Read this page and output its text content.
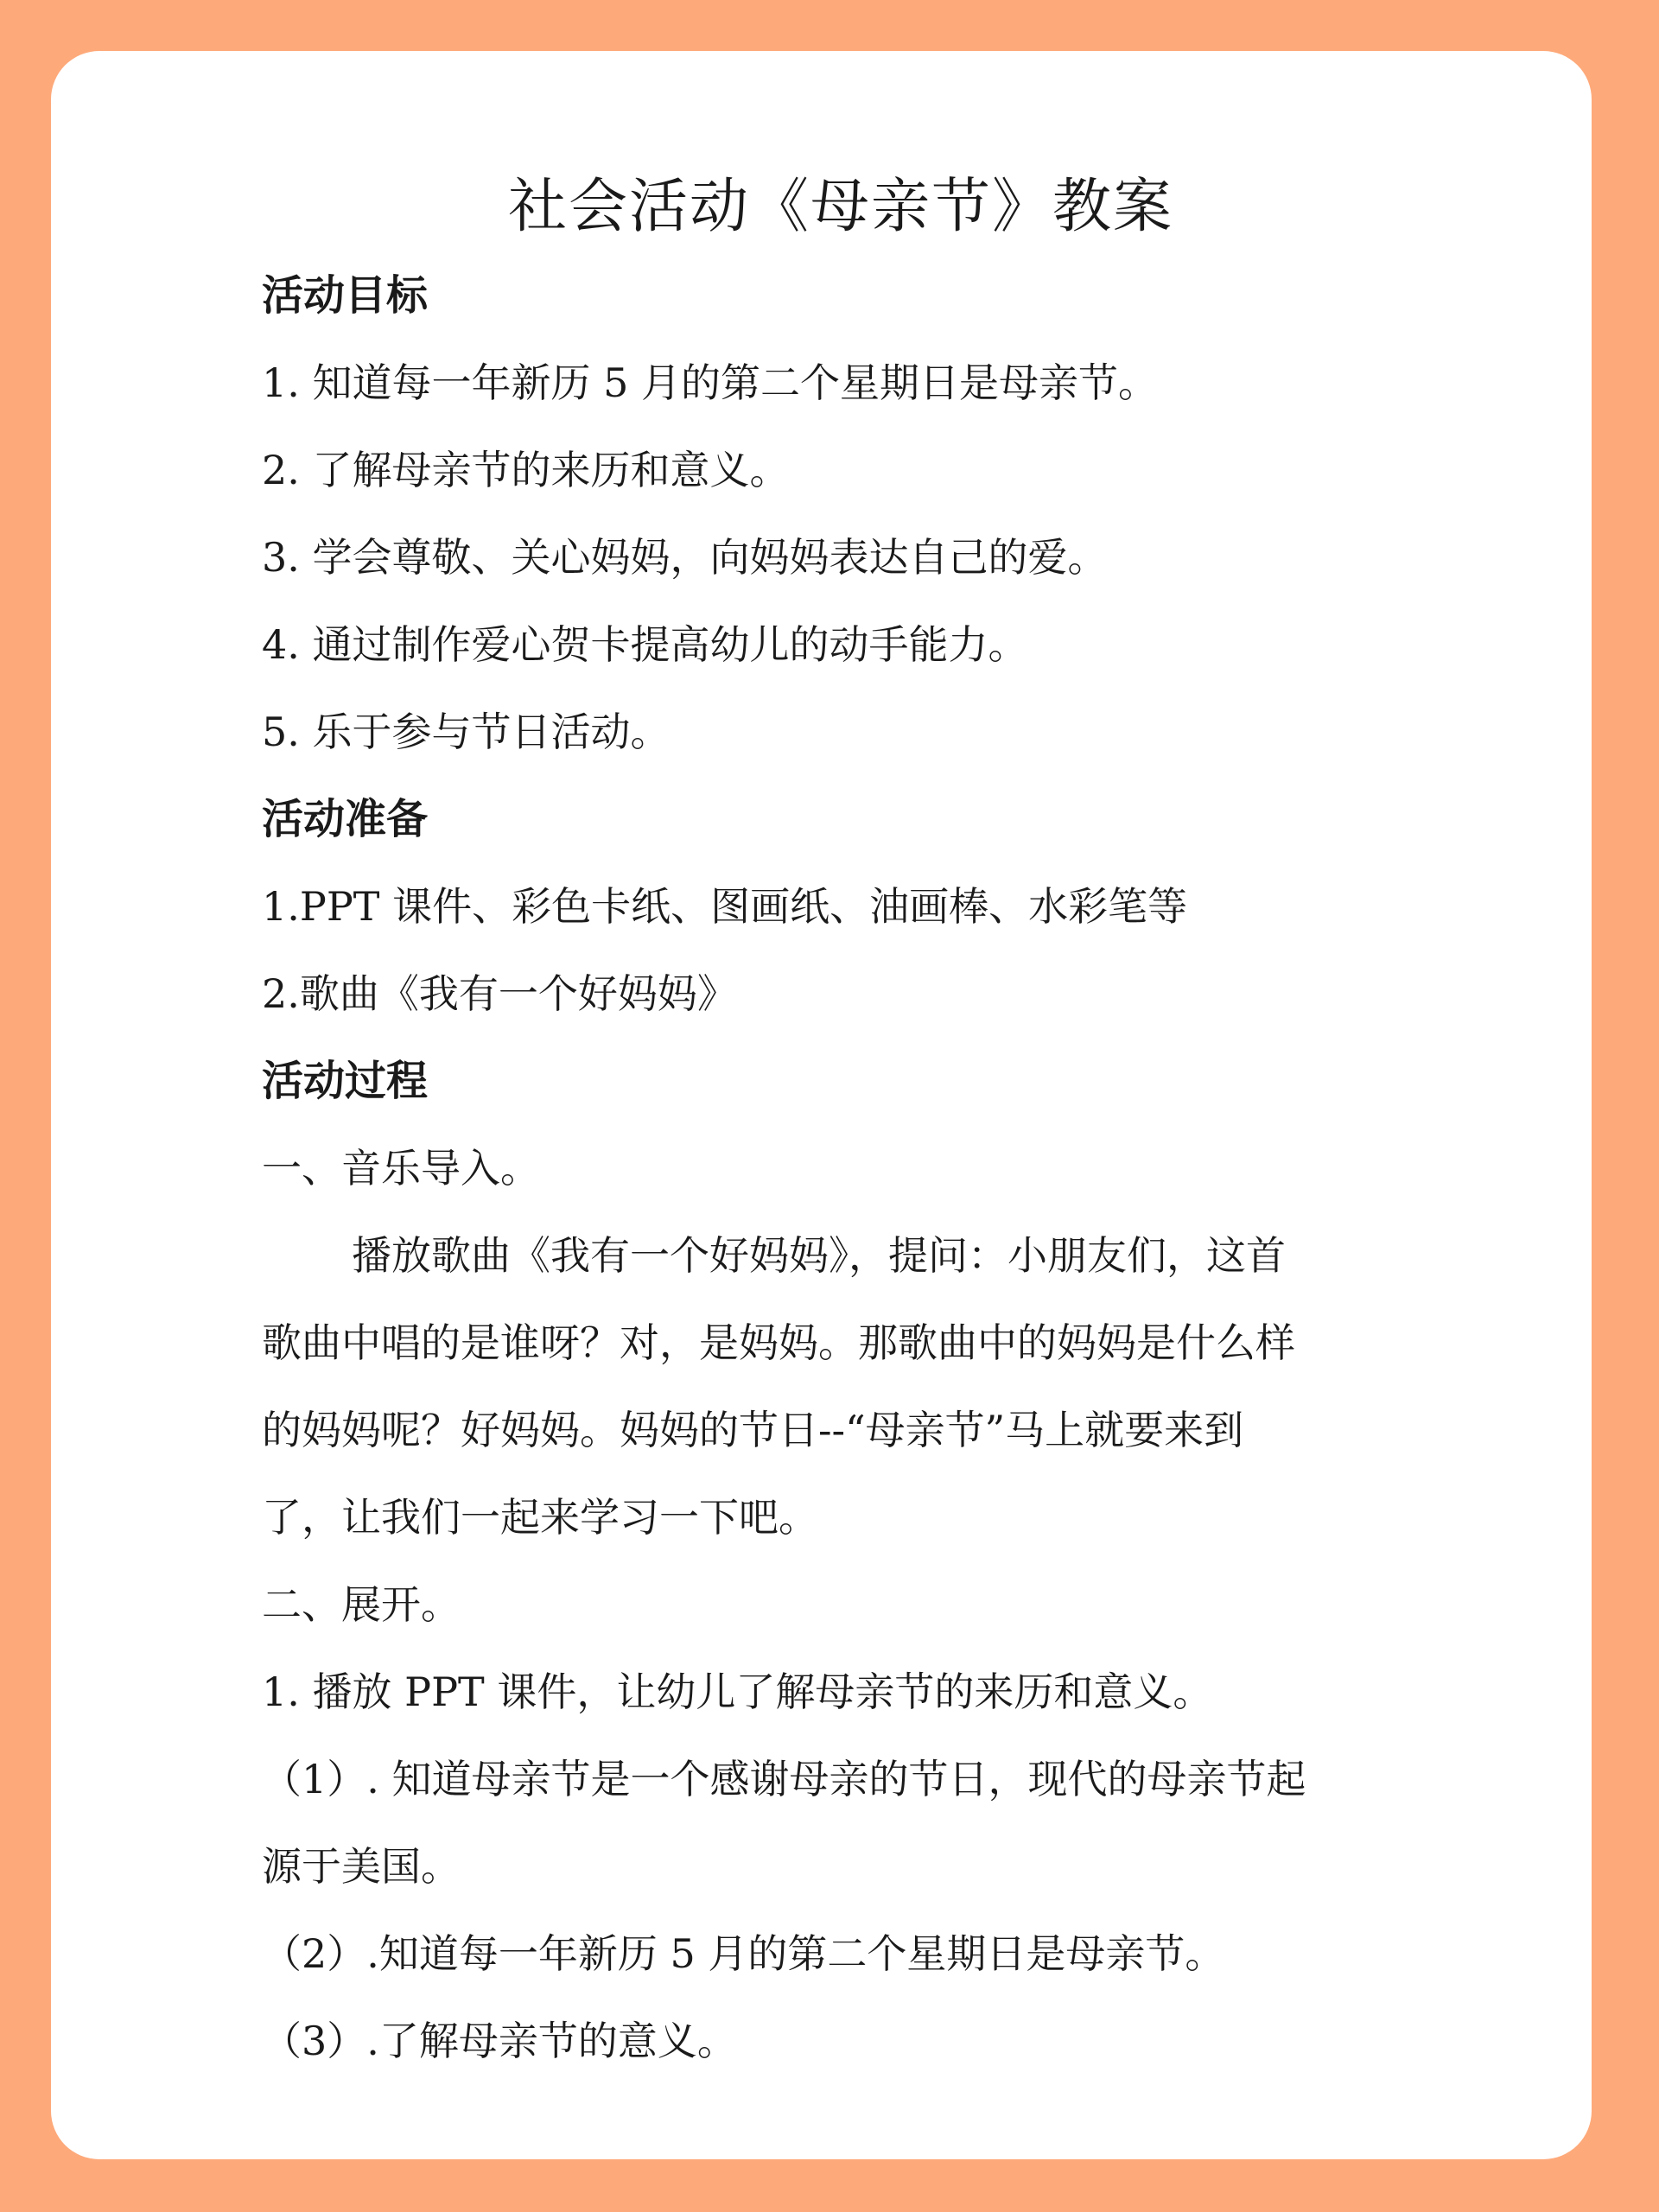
社会活动《母亲节》教案
活动目标
1. 知道每一年新历 5 月的第二个星期日是母亲节。
2. 了解母亲节的来历和意义。
3. 学会尊敬、关心妈妈，向妈妈表达自己的爱。
4. 通过制作爱心贺卡提高幼儿的动手能力。
5. 乐于参与节日活动。
活动准备
1.PPT 课件、彩色卡纸、图画纸、油画棒、水彩笔等
2.歌曲《我有一个好妈妈》
活动过程
一、音乐导入。
播放歌曲《我有一个好妈妈》，提问：小朋友们，这首
歌曲中唱的是谁呀？对，是妈妈。那歌曲中的妈妈是什么样
的妈妈呢？好妈妈。妈妈的节日--“母亲节”马上就要来到
了，让我们一起来学习一下吧。
二、展开。
1. 播放 PPT 课件，让幼儿了解母亲节的来历和意义。
（1）. 知道母亲节是一个感谢母亲的节日，现代的母亲节起
源于美国。
（2）.知道每一年新历 5 月的第二个星期日是母亲节。
（3）.了解母亲节的意义。
